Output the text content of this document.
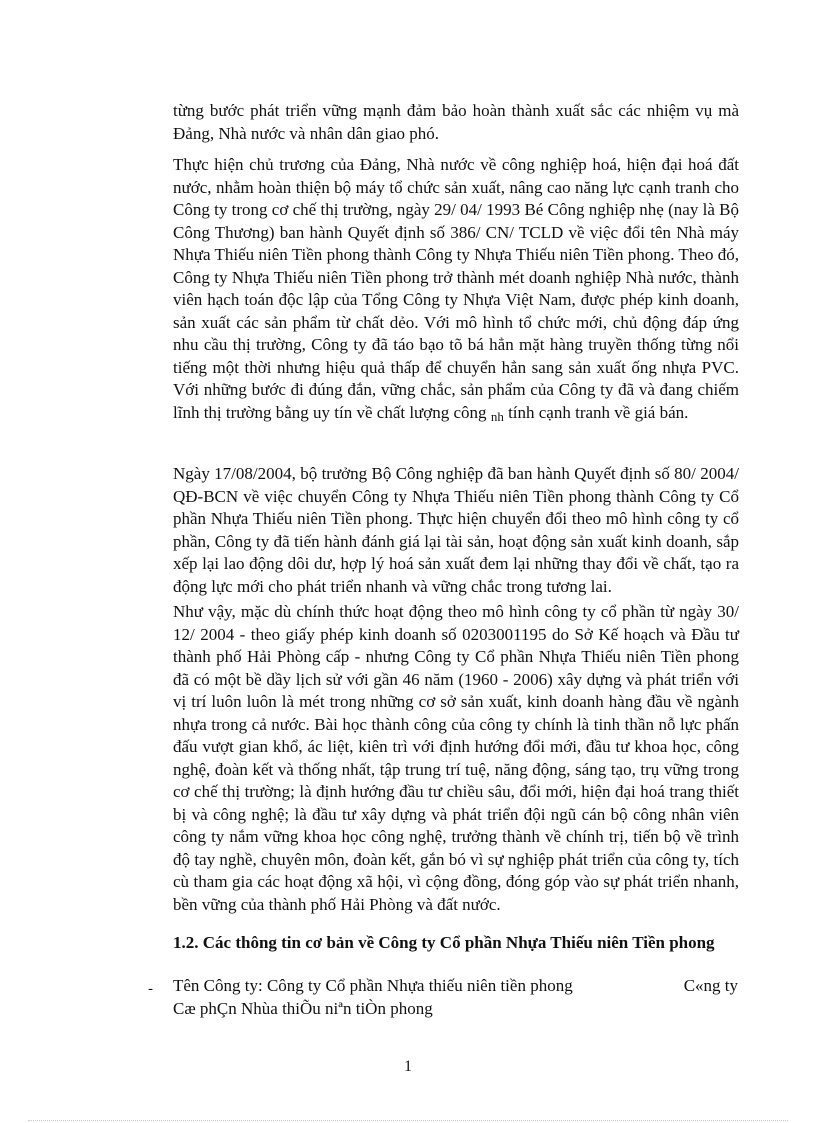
từng bước phát triển vững mạnh đảm bảo hoàn thành xuất sắc các nhiệm vụ mà Đảng, Nhà nước và nhân dân giao phó.

Thực hiện chủ trương của Đảng, Nhà nước về công nghiệp hoá, hiện đại hoá đất nước, nhằm hoàn thiện bộ máy tổ chức sản xuất, nâng cao năng lực cạnh tranh cho Công ty trong cơ chế thị trường, ngày 29/ 04/ 1993 Bé Công nghiệp nhẹ (nay là Bộ Công Thương) ban hành Quyết định số 386/ CN/ TCLD về việc đổi tên Nhà máy Nhựa Thiếu niên Tiền phong thành Công ty Nhựa Thiếu niên Tiền phong. Theo đó, Công ty Nhựa Thiếu niên Tiền phong trở thành mét doanh nghiệp Nhà nước, thành viên hạch toán độc lập của Tổng Công ty Nhựa Việt Nam, được phép kinh doanh, sản xuất các sản phẩm từ chất dẻo. Với mô hình tổ chức mới, chủ động đáp ứng nhu cầu thị trường, Công ty đã táo bạo tõ bá hẳn mặt hàng truyền thống từng nổi tiếng một thời nhưng hiệu quả thấp để chuyển hẳn sang sản xuất ống nhựa PVC. Với những bước đi đúng đắn, vững chắc, sản phẩm của Công ty đã và đang chiếm lĩnh thị trường bằng uy tín về chất lượng công $_{nh}$ tính cạnh tranh về giá bán.

Ngày 17/08/2004, bộ trưởng Bộ Công nghiệp đã ban hành Quyết định số 80/ 2004/ QĐ-BCN về việc chuyển Công ty Nhựa Thiếu niên Tiền phong thành Công ty Cổ phần Nhựa Thiếu niên Tiền phong. Thực hiện chuyển đổi theo mô hình công ty cổ phần, Công ty đã tiến hành đánh giá lại tài sản, hoạt động sản xuất kinh doanh, sắp xếp lại lao động dôi dư, hợp lý hoá sản xuất đem lại những thay đổi về chất, tạo ra động lực mới cho phát triển nhanh và vững chắc trong tương lai.

Như vậy, mặc dù chính thức hoạt động theo mô hình công ty cổ phần từ ngày 30/ 12/ 2004 - theo giấy phép kinh doanh số 0203001195 do Sở Kế hoạch và Đầu tư thành phố Hải Phòng cấp - nhưng Công ty Cổ phần Nhựa Thiếu niên Tiền phong đã có một bề dầy lịch sử với gần 46 năm (1960 - 2006) xây dựng và phát triển với vị trí luôn luôn là mét trong những cơ sở sản xuất, kinh doanh hàng đầu về ngành nhựa trong cả nước. Bài học thành công của công ty chính là tinh thần nỗ lực phấn đấu vượt gian khổ, ác liệt, kiên trì với định hướng đổi mới, đầu tư khoa học, công nghệ, đoàn kết và thống nhất, tập trung trí tuệ, năng động, sáng tạo, trụ vững trong cơ chế thị trường; là định hướng đầu tư chiều sâu, đổi mới, hiện đại hoá trang thiết bị và công nghệ; là đầu tư xây dựng và phát triển đội ngũ cán bộ công nhân viên công ty nắm vững khoa học công nghệ, trưởng thành về chính trị, tiến bộ về trình độ tay nghề, chuyên môn, đoàn kết, gắn bó vì sự nghiệp phát triển của công ty, tích cù tham gia các hoạt động xã hội, vì cộng đồng, đóng góp vào sự phát triển nhanh, bền vững của thành phố Hải Phòng và đất nước.

1.2. Các thông tin cơ bản về Công ty Cổ phần Nhựa Thiếu niên Tiền phong
- Tên Công ty: Công ty Cổ phần Nhựa thiếu niên tiền phong	C«ng ty
Cæ phÇn Nhùa thiÕu niªn tiÒn phong
1
